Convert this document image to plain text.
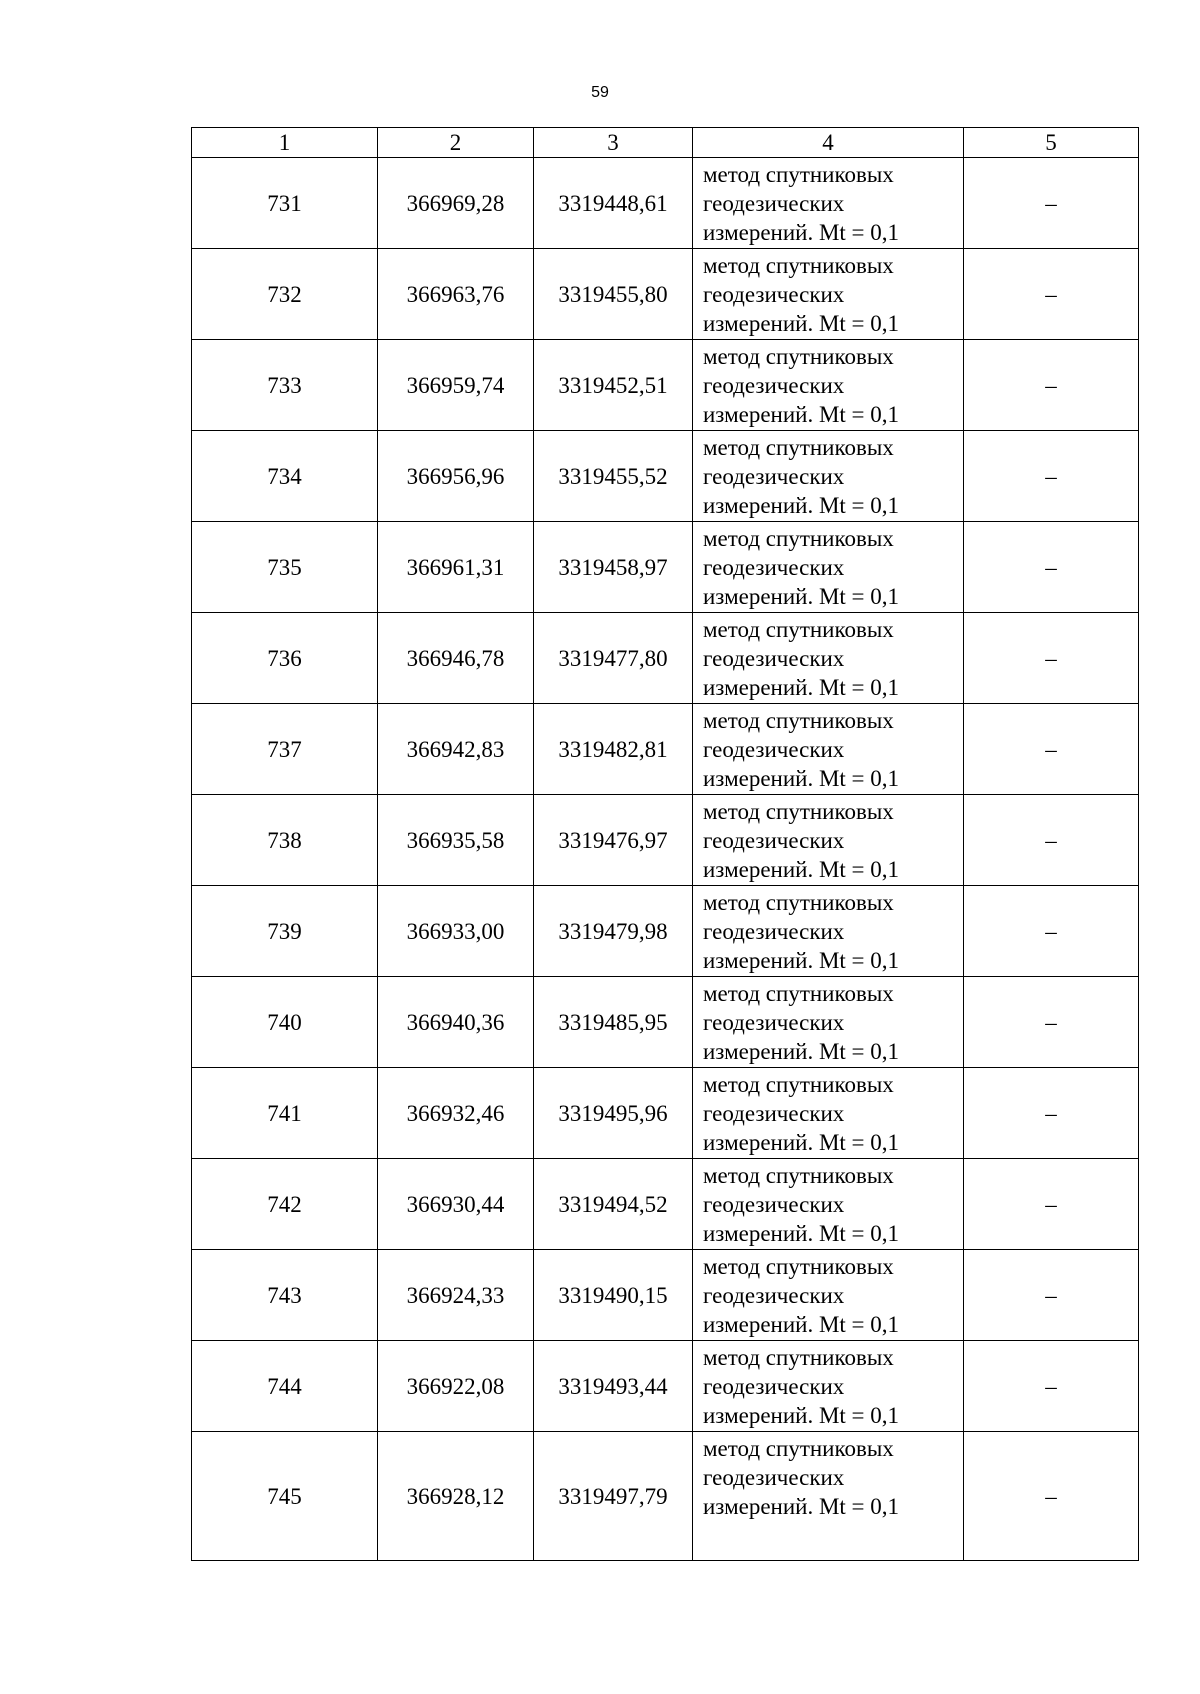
59
1	2	3	4	5
731	366969,28	3319448,61	метод спутниковых
геодезических
измерений. Mt = 0,1	–
732	366963,76	3319455,80	метод спутниковых
геодезических
измерений. Mt = 0,1	–
733	366959,74	3319452,51	метод спутниковых
геодезических
измерений. Mt = 0,1	–
734	366956,96	3319455,52	метод спутниковых
геодезических
измерений. Mt = 0,1	–
735	366961,31	3319458,97	метод спутниковых
геодезических
измерений. Mt = 0,1	–
736	366946,78	3319477,80	метод спутниковых
геодезических
измерений. Mt = 0,1	–
737	366942,83	3319482,81	метод спутниковых
геодезических
измерений. Mt = 0,1	–
738	366935,58	3319476,97	метод спутниковых
геодезических
измерений. Mt = 0,1	–
739	366933,00	3319479,98	метод спутниковых
геодезических
измерений. Mt = 0,1	–
740	366940,36	3319485,95	метод спутниковых
геодезических
измерений. Mt = 0,1	–
741	366932,46	3319495,96	метод спутниковых
геодезических
измерений. Mt = 0,1	–
742	366930,44	3319494,52	метод спутниковых
геодезических
измерений. Mt = 0,1	–
743	366924,33	3319490,15	метод спутниковых
геодезических
измерений. Mt = 0,1	–
744	366922,08	3319493,44	метод спутниковых
геодезических
измерений. Mt = 0,1	–
745	366928,12	3319497,79	метод спутниковых
геодезических
измерений. Mt = 0,1	–
